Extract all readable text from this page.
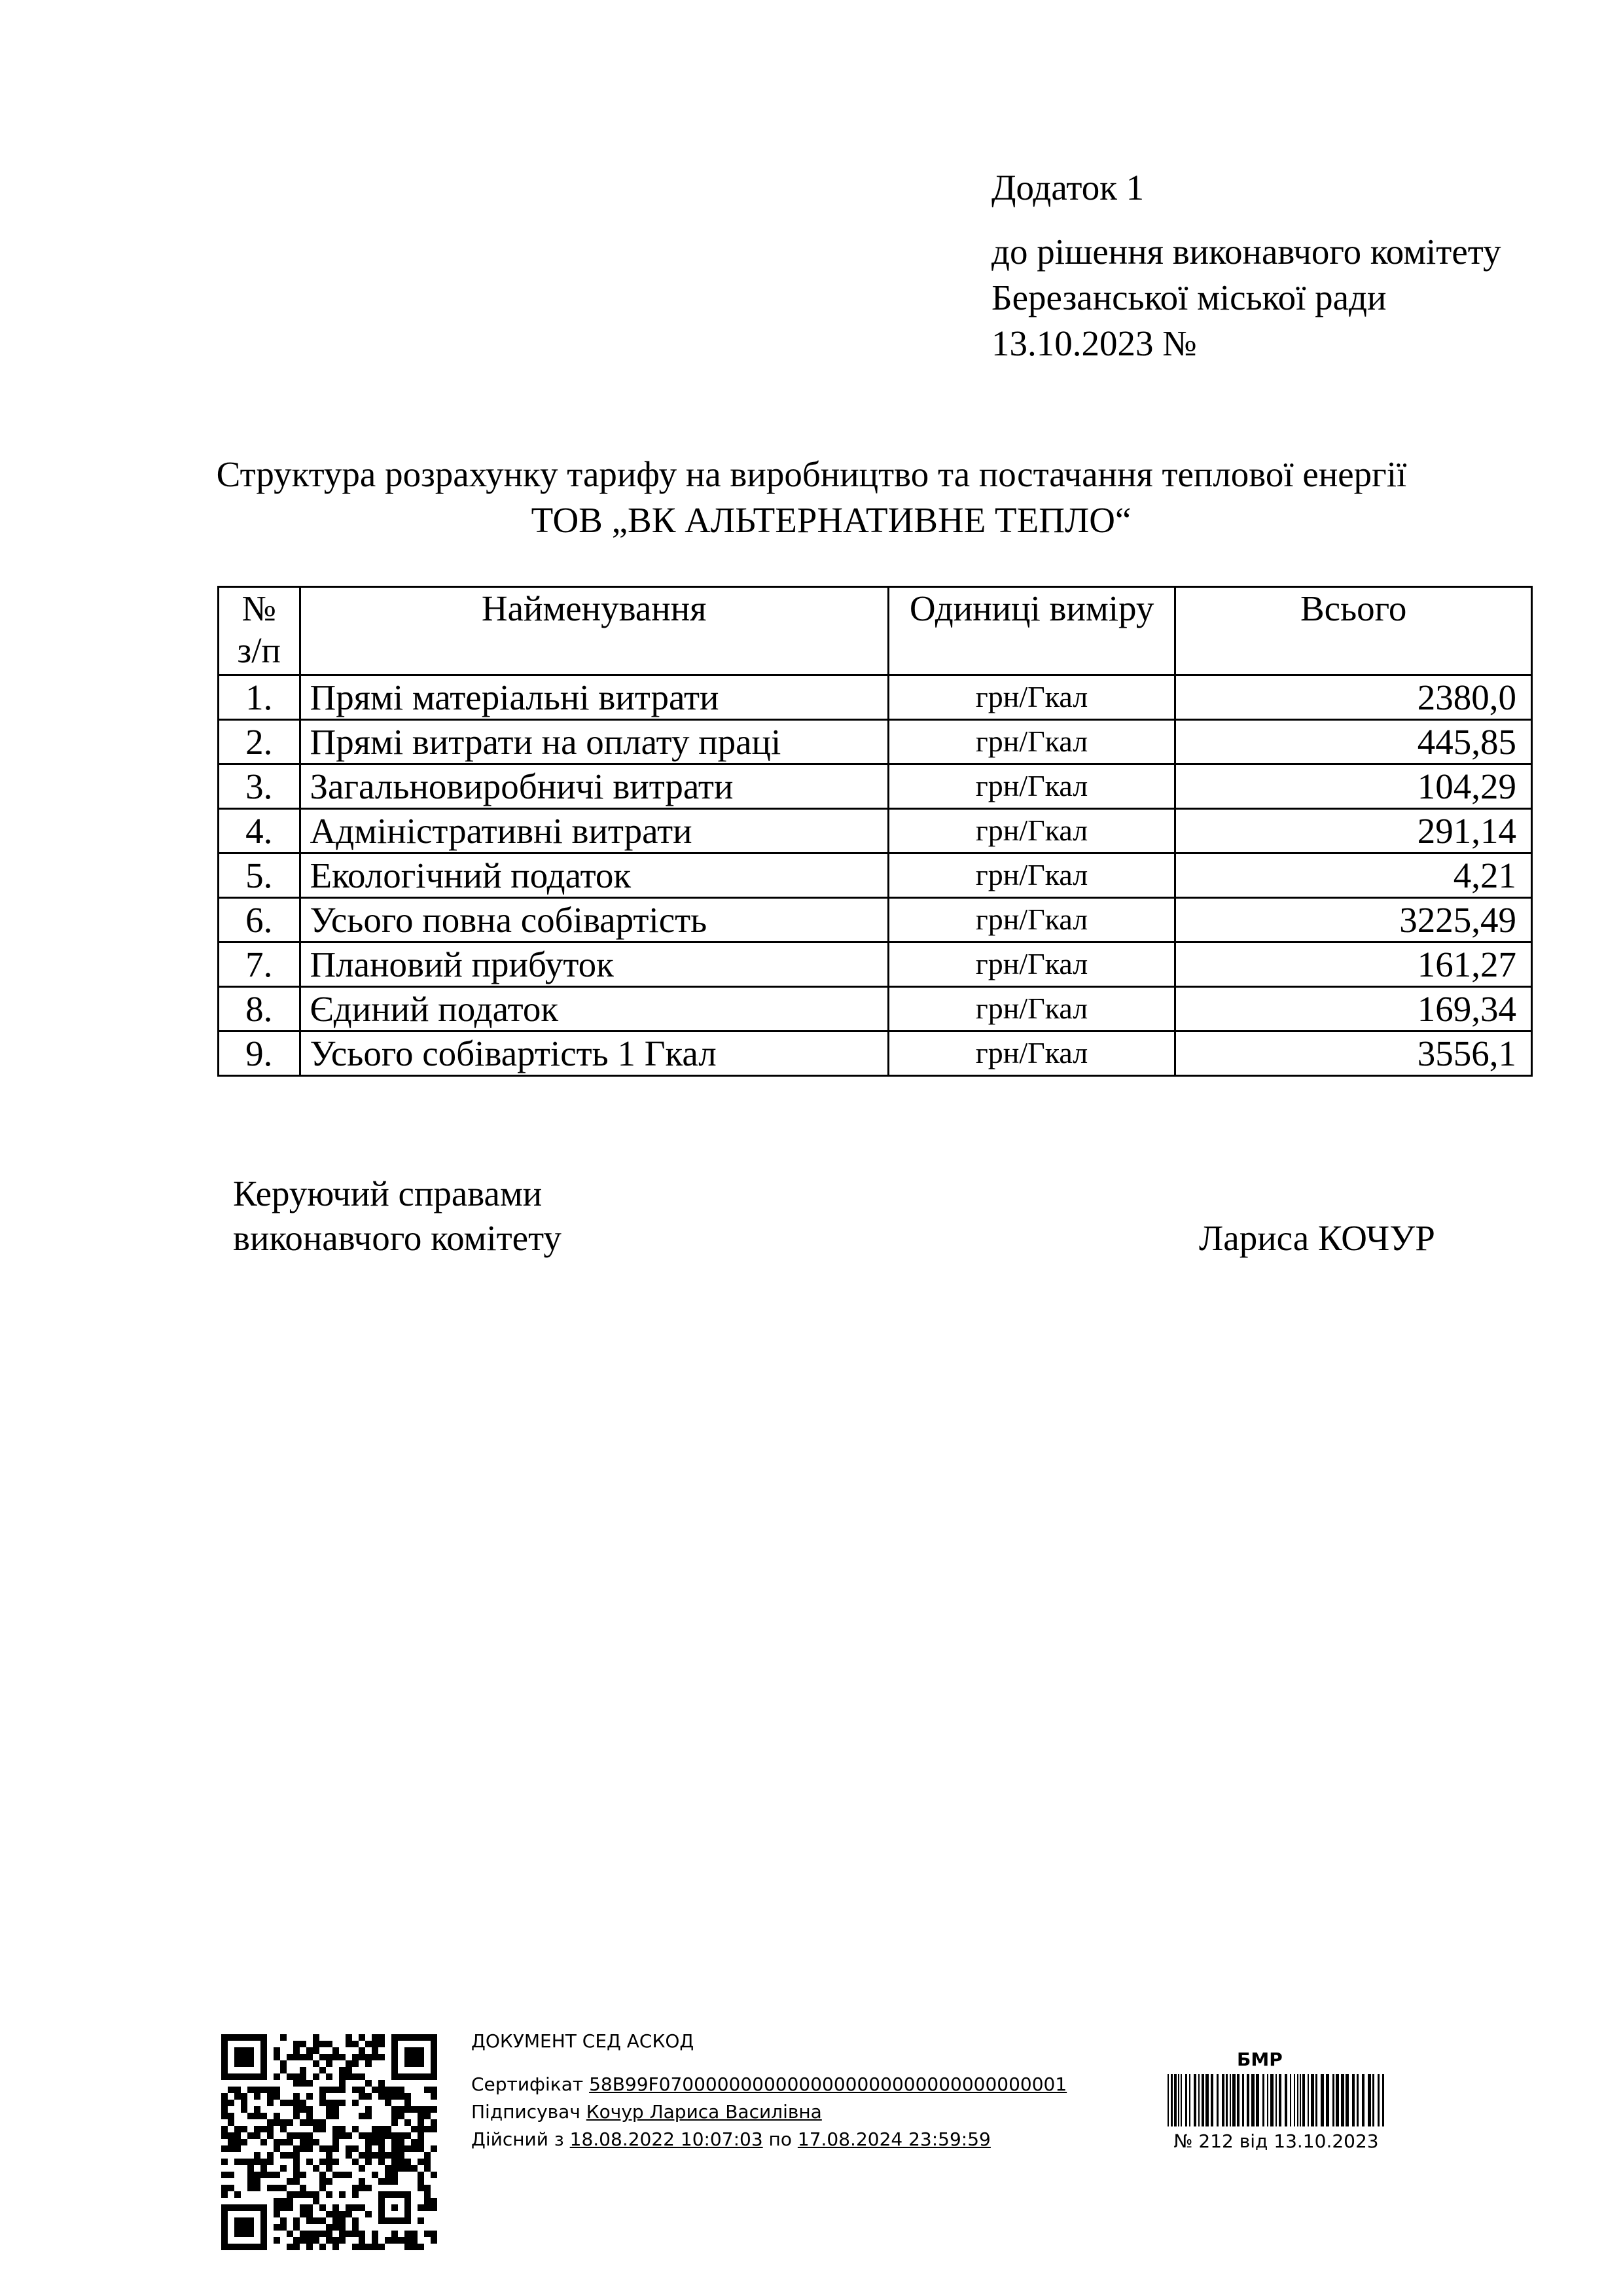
Додаток 1
до рішення виконавчого комітету
Березанської міської ради
13.10.2023 №
Структура розрахунку тарифу на виробництво та постачання теплової енергії
ТОВ „ВК АЛЬТЕРНАТИВНЕ ТЕПЛО“
№
з/п	Найменування	Одиниці виміру	Всього
1.	Прямі матеріальні витрати	грн/Гкал	2380,0
2.	Прямі витрати на оплату праці	грн/Гкал	445,85
3.	Загальновиробничі витрати	грн/Гкал	104,29
4.	Адміністративні витрати	грн/Гкал	291,14
5.	Екологічний податок	грн/Гкал	4,21
6.	Усього повна собівартість	грн/Гкал	3225,49
7.	Плановий прибуток	грн/Гкал	161,27
8.	Єдиний податок	грн/Гкал	169,34
9.	Усього собівартість 1 Гкал	грн/Гкал	3556,1
Керуючий справами
виконавчого комітету	Лариса КОЧУР
ДОКУМЕНТ СЕД АСКОД
Сертифікат 58B99F07000000000000000000000000000000001
Підписувач Кочур Лариса Василівна
Дійсний з 18.08.2022 10:07:03 по 17.08.2024 23:59:59
БМР
№ 212 від 13.10.2023
